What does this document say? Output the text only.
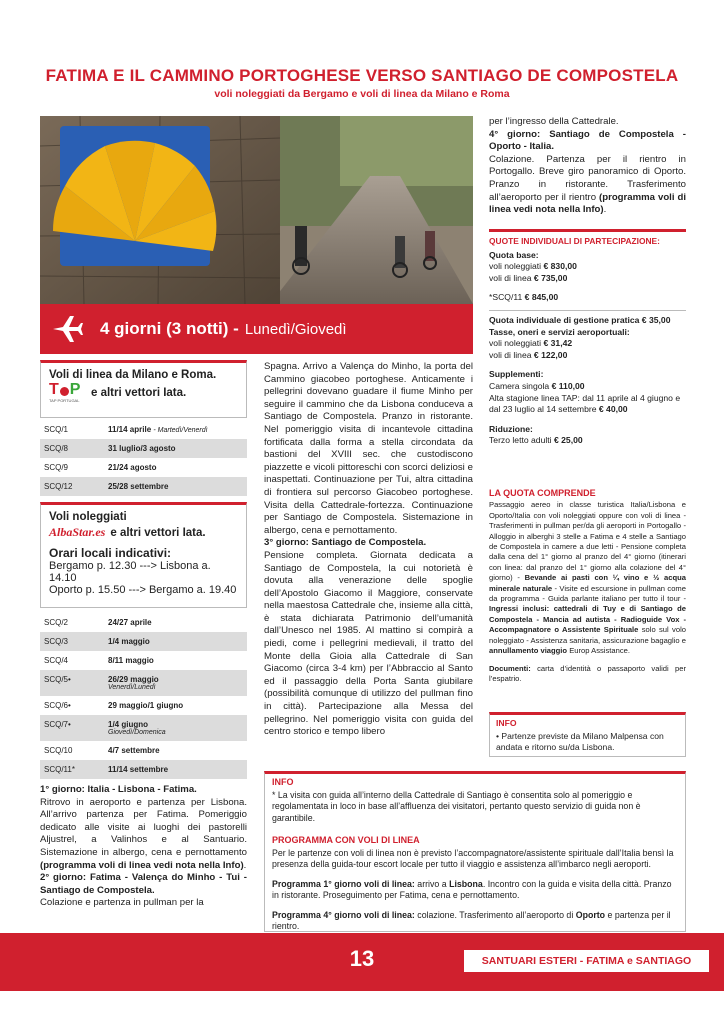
FATIMA E IL CAMMINO PORTOGHESE VERSO SANTIAGO DE COMPOSTELA
voli noleggiati da Bergamo e voli di linea da Milano e Roma
4 giorni (3 notti) - Lunedì/Giovedì
Voli di linea da Milano e Roma.
T P
TAP PORTUGAL
e altri vettori Iata.
SCQ/1	11/14 aprile - Martedì/Venerdì
SCQ/8	31 luglio/3 agosto
SCQ/9	21/24 agosto
SCQ/12	25/28 settembre
Voli noleggiati
AlbaStar.es e altri vettori Iata.
Orari locali indicativi:
Bergamo p. 12.30 ---> Lisbona a. 14.10
Oporto p. 15.50 ---> Bergamo a. 19.40
SCQ/2	24/27 aprile
SCQ/3	1/4 maggio
SCQ/4	8/11 maggio
SCQ/5•	26/29 maggio
Venerdì/Lunedì

SCQ/6•	29 maggio/1 giugno
SCQ/7•	1/4 giugno
Giovedì/Domenica

SCQ/10	4/7 settembre
SCQ/11*	11/14 settembre
1° giorno: Italia - Lisbona - Fatima.
Ritrovo in aeroporto e partenza per Lisbona. All’arrivo partenza per Fatima. Pomeriggio dedicato alle visite ai luoghi dei pastorelli Aljustrel, a Valinhos e al Santuario. Sistemazione in albergo, cena e pernottamento (programma voli di linea vedi nota nella Info).
2° giorno: Fatima - Valença do Minho - Tui - Santiago de Compostela.
Colazione e partenza in pullman per la
Spagna. Arrivo a Valença do Minho, la porta del Cammino giacobeo portoghese. Anticamente i pellegrini dovevano guadare il fiume Minho per seguire il cammino che da Lisbona conduceva a Santiago de Compostela. Pranzo in ristorante. Nel pomeriggio visita di incantevole cittadina fortificata dalla forma a stella circondata da bastioni del XVIII sec. che custodiscono piazzette e vicoli pittoreschi con scorci deliziosi e inaspettati. Continuazione per Tui, altra cittadina di frontiera sul percorso Giacobeo portoghese. Visita della Cattedrale-fortezza. Continuazione per Santiago de Compostela. Sistemazione in albergo, cena e pernottamento.
3° giorno: Santiago de Compostela.
Pensione completa. Giornata dedicata a Santiago de Compostela, la cui notorietà è dovuta alla venerazione delle spoglie dell’Apostolo Giacomo il Maggiore, conservate nella maestosa Cattedrale che, insieme alla città, è stata dichiarata Patrimonio dell’umanità dall’Unesco nel 1985. Al mattino si compirà a piedi, come i pellegrini medievali, il tratto del Monte della Gioia alla Cattedrale di San Giacomo (circa 3-4 km) per l’Abbraccio al Santo ed il passaggio della Porta Santa giubilare (possibilità comunque di utilizzo del pullman fino in città). Partecipazione alla Messa del pellegrino. Nel pomeriggio visita con guida del centro storico e tempo libero
per l’ingresso della Cattedrale.
4° giorno: Santiago de Compostela - Oporto - Italia.
Colazione. Partenza per il rientro in Portogallo. Breve giro panoramico di Oporto. Pranzo in ristorante. Trasferimento all’aeroporto per il rientro (programma voli di linea vedi nota nella Info).
QUOTE INDIVIDUALI DI PARTECIPAZIONE:
Quota base:
voli noleggiati € 830,00
voli di linea € 735,00
*SCQ/11 € 845,00
Quota individuale di gestione pratica € 35,00
Tasse, oneri e servizi aeroportuali:
voli noleggiati € 31,42
voli di linea € 122,00
Supplementi:
Camera singola € 110,00
Alta stagione linea TAP: dal 11 aprile al 4 giugno e dal 23 luglio al 14 settembre € 40,00
Riduzione:
Terzo letto adulti € 25,00
LA QUOTA COMPRENDE
Passaggio aereo in classe turistica Italia/Lisbona e Oporto/Italia con voli noleggiati oppure con voli di linea - Trasferimenti in pullman per/da gli aeroporti in Portogallo - Alloggio in alberghi 3 stelle a Fatima e 4 stelle a Santiago de Compostela in camere a due letti - Pensione completa dalla cena del 1° giorno al pranzo del 4° giorno (itinerari con linea: dal pranzo del 1° giorno alla colazione del 4° giorno) - Bevande ai pasti con ¼ vino e ½ acqua minerale naturale - Visite ed escursione in pullman come da programma - Guida parlante italiano per tutto il tour - Ingressi inclusi: cattedrali di Tuy e di Santiago de Compostela - Mancia ad autista - Radioguide Vox - Accompagnatore o Assistente Spirituale solo sul volo noleggiato - Assistenza sanitaria, assicurazione bagaglio e annullamento viaggio Europ Assistance.
Documenti: carta d’identità o passaporto validi per l’espatrio.
INFO
• Partenze previste da Milano Malpensa con andata e ritorno su/da Lisbona.
INFO

* La visita con guida all’interno della Cattedrale di Santiago è consentita solo al pomeriggio e regolamentata in loco in base all’affluenza dei visitatori, pertanto questo servizio di guida non è garantibile.

PROGRAMMA CON VOLI DI LINEA

Per le partenze con voli di linea non è previsto l’accompagnatore/assistente spirituale dall’Italia bensì la presenza della guida-tour escort locale per tutto il viaggio e assistenza all’imbarco negli aeroporti.

Programma 1° giorno voli di linea: arrivo a Lisbona. Incontro con la guida e visita della città. Pranzo in ristorante. Proseguimento per Fatima, cena e pernottamento.

Programma 4° giorno voli di linea: colazione. Trasferimento all’aeroporto di Oporto e partenza per il rientro.

13	SANTUARI ESTERI - FATIMA e SANTIAGO
